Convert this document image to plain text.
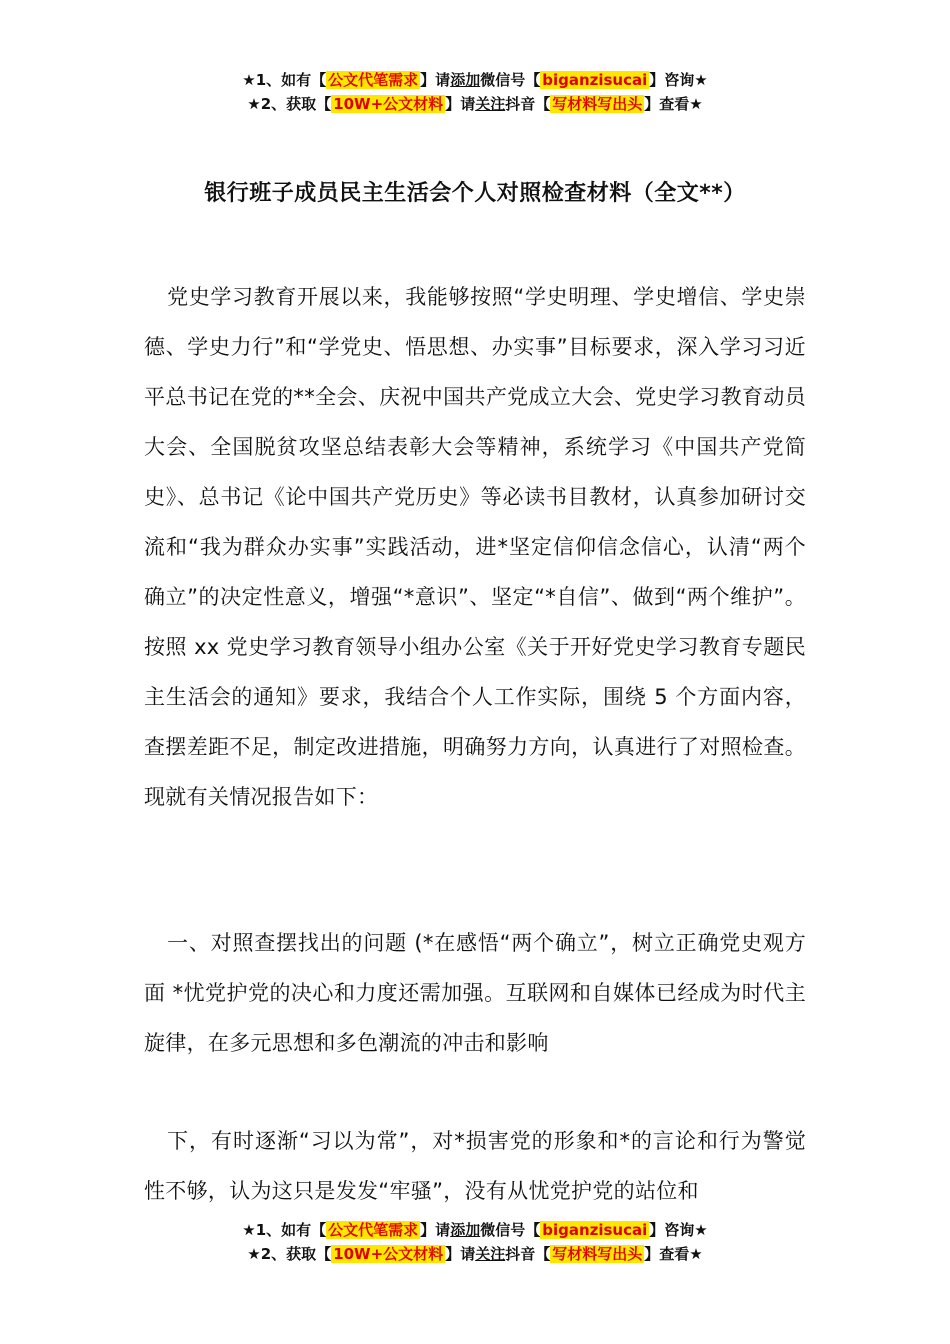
★1、如有【 公文代笔需求 】请添加微信号【 biganzisucai 】咨询★
★2、获取【 10W+公文材料 】请关注抖音【 写材料写出头 】查看★
银行班子成员民主生活会个人对照检查材料（全文**）

党史学习教育开展以来，我能够按照“学史明理、学史增信、学史崇德、学史力行”和“学党史、悟思想、办实事”目标要求，深入学习习近平总书记在党的**全会、庆祝中国共产党成立大会、党史学习教育动员大会、全国脱贫攻坚总结表彰大会等精神，系统学习《中国共产党简史》、总书记《论中国共产党历史》等必读书目教材，认真参加研讨交流和“我为群众办实事”实践活动，进*坚定信仰信念信心，认清“两个确立”的决定性意义，增强“*意识”、坚定“*自信”、做到“两个维护”。按照 xx 党史学习教育领导小组办公室《关于开好党史学习教育专题民主生活会的通知》要求，我结合个人工作实际，围绕 5 个方面内容，查摆差距不足，制定改进措施，明确努力方向，认真进行了对照检查。现就有关情况报告如下：

一、对照查摆找出的问题 (*在感悟“两个确立”，树立正确党史观方面 *忧党护党的决心和力度还需加强。互联网和自媒体已经成为时代主旋律，在多元思想和多色潮流的冲击和影响

下，有时逐渐“习以为常”，对*损害党的形象和*的言论和行为警觉性不够，认为这只是发发“牢骚”，没有从忧党护党的站位和

★1、如有【 公文代笔需求 】请添加微信号【 biganzisucai 】咨询★
★2、获取【 10W+公文材料 】请关注抖音【 写材料写出头 】查看★
